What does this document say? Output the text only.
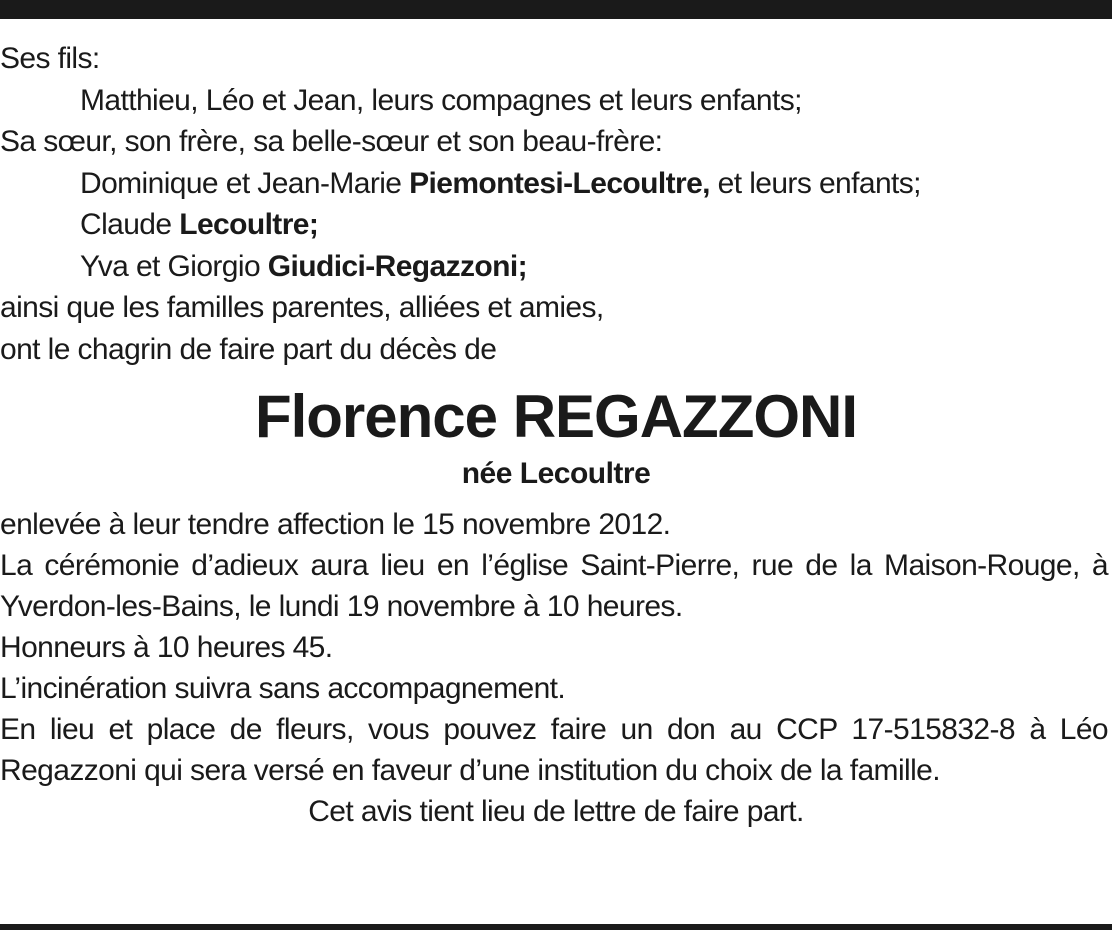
Ses fils:
Matthieu, Léo et Jean, leurs compagnes et leurs enfants;
Sa sœur, son frère, sa belle-sœur et son beau-frère:
Dominique et Jean-Marie Piemontesi-Lecoultre, et leurs enfants;
Claude Lecoultre;
Yva et Giorgio Giudici-Regazzoni;
ainsi que les familles parentes, alliées et amies,
ont le chagrin de faire part du décès de
Florence REGAZZONI
née Lecoultre
enlevée à leur tendre affection le 15 novembre 2012.
La cérémonie d’adieux aura lieu en l’église Saint-Pierre, rue de la Maison-Rouge, à Yverdon-les-Bains, le lundi 19 novembre à 10 heures.
Honneurs à 10 heures 45.
L’incinération suivra sans accompagnement.
En lieu et place de fleurs, vous pouvez faire un don au CCP 17-515832-8 à Léo Regazzoni qui sera versé en faveur d’une institution du choix de la famille.
Cet avis tient lieu de lettre de faire part.
